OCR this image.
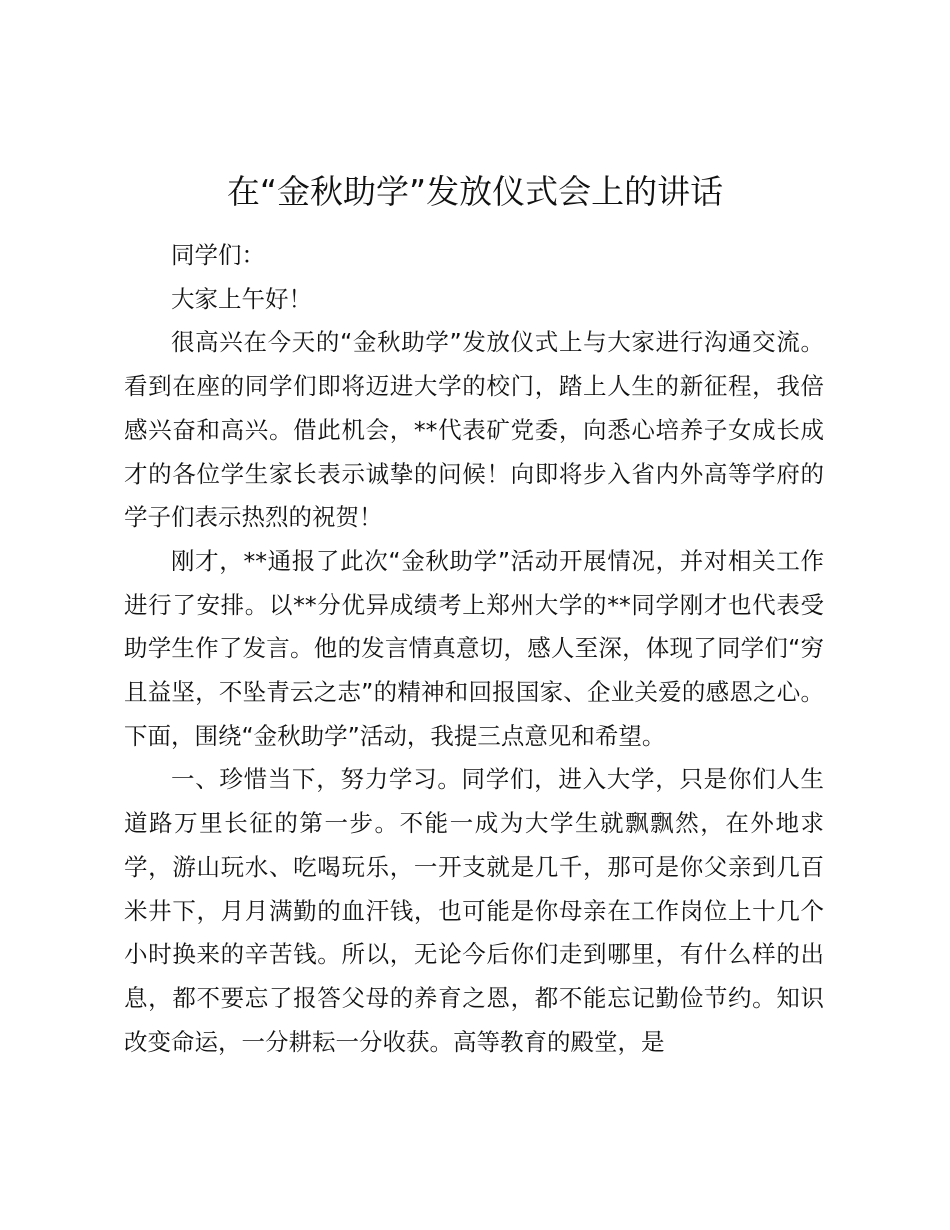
在“金秋助学”发放仪式会上的讲话

同学们：

大家上午好！

很高兴在今天的“金秋助学”发放仪式上与大家进行沟通交流。看到在座的同学们即将迈进大学的校门，踏上人生的新征程，我倍感兴奋和高兴。借此机会，**代表矿党委，向悉心培养子女成长成才的各位学生家长表示诚挚的问候！向即将步入省内外高等学府的学子们表示热烈的祝贺！

刚才，**通报了此次“金秋助学”活动开展情况，并对相关工作进行了安排。以**分优异成绩考上郑州大学的**同学刚才也代表受助学生作了发言。他的发言情真意切，感人至深，体现了同学们“穷且益坚，不坠青云之志”的精神和回报国家、企业关爱的感恩之心。下面，围绕“金秋助学”活动，我提三点意见和希望。

一、珍惜当下，努力学习。同学们，进入大学，只是你们人生道路万里长征的第一步。不能一成为大学生就飘飘然，在外地求学，游山玩水、吃喝玩乐，一开支就是几千，那可是你父亲到几百米井下，月月满勤的血汗钱，也可能是你母亲在工作岗位上十几个小时换来的辛苦钱。所以，无论今后你们走到哪里，有什么样的出息，都不要忘了报答父母的养育之恩，都不能忘记勤俭节约。知识改变命运，一分耕耘一分收获。高等教育的殿堂，是
